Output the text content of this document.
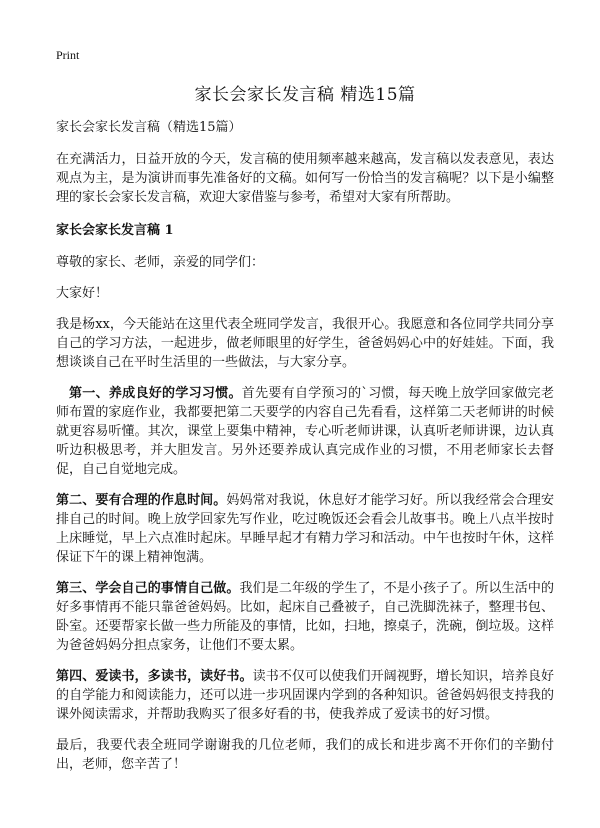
Print
家长会家长发言稿 精选15篇
家长会家长发言稿（精选15篇）

在充满活力，日益开放的今天，发言稿的使用频率越来越高，发言稿以发表意见，表达观点为主，是为演讲而事先准备好的文稿。如何写一份恰当的发言稿呢？以下是小编整理的家长会家长发言稿，欢迎大家借鉴与参考，希望对大家有所帮助。

家长会家长发言稿 1

尊敬的家长、老师，亲爱的同学们：

大家好！

我是杨xx，今天能站在这里代表全班同学发言，我很开心。我愿意和各位同学共同分享自己的学习方法，一起进步，做老师眼里的好学生，爸爸妈妈心中的好娃娃。下面，我想谈谈自己在平时生活里的一些做法，与大家分享。

第一、养成良好的学习习惯。首先要有自学预习的`习惯，每天晚上放学回家做完老师布置的家庭作业，我都要把第二天要学的内容自己先看看，这样第二天老师讲的时候就更容易听懂。其次，课堂上要集中精神，专心听老师讲课，认真听老师讲课，边认真听边积极思考，并大胆发言。另外还要养成认真完成作业的习惯，不用老师家长去督促，自己自觉地完成。

第二、要有合理的作息时间。妈妈常对我说，休息好才能学习好。所以我经常会合理安排自己的时间。晚上放学回家先写作业，吃过晚饭还会看会儿故事书。晚上八点半按时上床睡觉，早上六点准时起床。早睡早起才有精力学习和活动。中午也按时午休，这样保证下午的课上精神饱满。

第三、学会自己的事情自己做。我们是二年级的学生了，不是小孩子了。所以生活中的好多事情再不能只靠爸爸妈妈。比如，起床自己叠被子，自己洗脚洗袜子，整理书包、卧室。还要帮家长做一些力所能及的事情，比如，扫地，擦桌子，洗碗，倒垃圾。这样为爸爸妈妈分担点家务，让他们不要太累。

第四、爱读书，多读书，读好书。读书不仅可以使我们开阔视野，增长知识，培养良好的自学能力和阅读能力，还可以进一步巩固课内学到的各种知识。爸爸妈妈很支持我的课外阅读需求，并帮助我购买了很多好看的书，使我养成了爱读书的好习惯。

最后，我要代表全班同学谢谢我的几位老师，我们的成长和进步离不开你们的辛勤付出，老师，您辛苦了！
